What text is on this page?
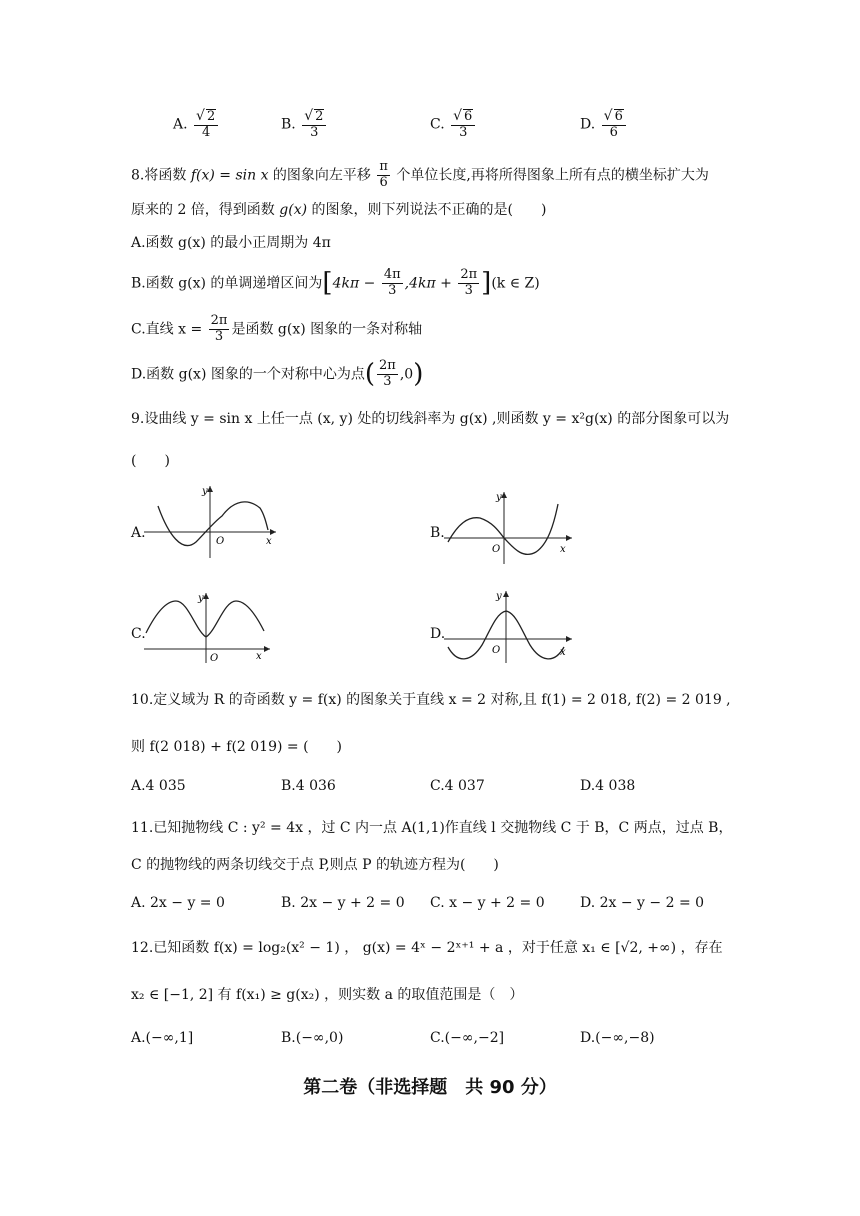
A. $\frac{√ 2}{4}$	B. $\frac{√ 2}{3}$	C. $\frac{√ 6}{3}$	D. $\frac{√ 6}{6}$
8.将函数 f(x) = sin x 的图象向左平移 $\frac{\pi}{6}$ 个单位长度,再将所得图象上所有点的横坐标扩大为
原来的 2 倍，得到函数 g(x) 的图象，则下列说法不正确的是(　　)
A.函数 g(x) 的最小正周期为 4π
B.函数 g(x) 的单调递增区间为$[4k\pi - \frac{4\pi}{3} ,4k\pi + \frac{2\pi}{3} ](k$ ∈ Z)
C.直线 $x = \frac{2\pi}{3}$ 是函数 g(x) 图象的一条对称轴
D.函数 g(x) 图象的一个对称中心为点( $\frac{2\pi}{3} ,0$)
9.设曲线 y = sin x 上任一点 (x, y) 处的切线斜率为 g(x) ,则函数 y = x²g(x) 的部分图象可以为
(　　)
A.
y
x
O
B.
y
x
O
C.
y
x
O
D.
y
x
O
10.定义域为 R 的奇函数 y = f(x) 的图象关于直线 x = 2 对称,且 f(1) = 2 018, f(2) = 2 019 ,
则 f(2 018) + f(2 019) = (　　)
A.4 035	B.4 036	C.4 037	D.4 038
11.已知抛物线 C : y² = 4x ，过 C 内一点 A(1,1)作直线 l 交抛物线 C 于 B，C 两点，过点 B，
C 的抛物线的两条切线交于点 P,则点 P 的轨迹方程为(　　)
A. 2x − y = 0	B. 2x − y + 2 = 0 C. x − y + 2 = 0	D. 2x − y − 2 = 0
12.已知函数 f(x) = log₂(x² − 1) ， g(x) = 4ˣ − 2ˣ⁺¹ + a ，对于任意 x₁ ∈ [√2, +∞) ，存在
x₂ ∈ [−1, 2] 有 f(x₁) ≥ g(x₂) ，则实数 a 的取值范围是（　）
A.(−∞,1]	B.(−∞,0)	C.(−∞,−2]	D.(−∞,−8)
第二卷（非选择题　共 90 分）
